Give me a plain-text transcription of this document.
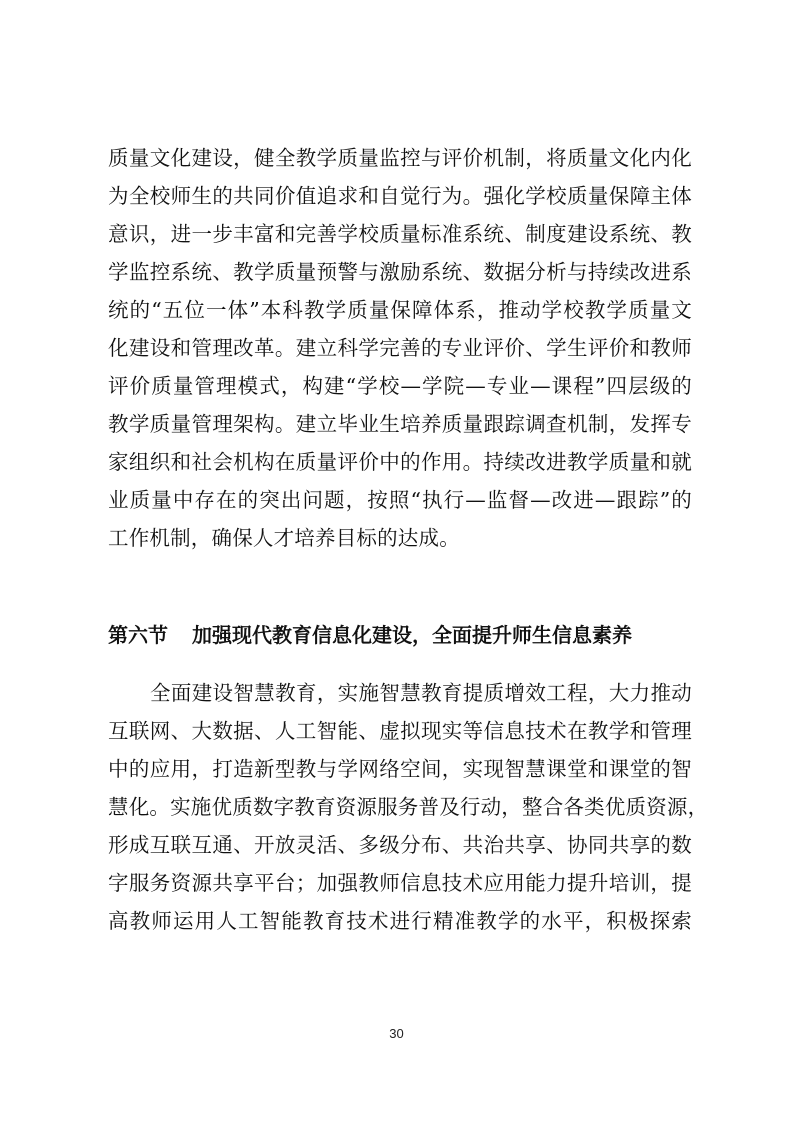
质量文化建设，健全教学质量监控与评价机制，将质量文化内化
为全校师生的共同价值追求和自觉行为。强化学校质量保障主体
意识，进一步丰富和完善学校质量标准系统、制度建设系统、教
学监控系统、教学质量预警与激励系统、数据分析与持续改进系
统的“五位一体”本科教学质量保障体系，推动学校教学质量文
化建设和管理改革。建立科学完善的专业评价、学生评价和教师
评价质量管理模式，构建“学校—学院—专业—课程”四层级的
教学质量管理架构。建立毕业生培养质量跟踪调查机制，发挥专
家组织和社会机构在质量评价中的作用。持续改进教学质量和就
业质量中存在的突出问题，按照“执行—监督—改进—跟踪”的
工作机制，确保人才培养目标的达成。
第六节 加强现代教育信息化建设，全面提升师生信息素养
全面建设智慧教育，实施智慧教育提质增效工程，大力推动
互联网、大数据、人工智能、虚拟现实等信息技术在教学和管理
中的应用，打造新型教与学网络空间，实现智慧课堂和课堂的智
慧化。实施优质数字教育资源服务普及行动，整合各类优质资源，
形成互联互通、开放灵活、多级分布、共治共享、协同共享的数
字服务资源共享平台；加强教师信息技术应用能力提升培训，提
高教师运用人工智能教育技术进行精准教学的水平，积极探索
30
